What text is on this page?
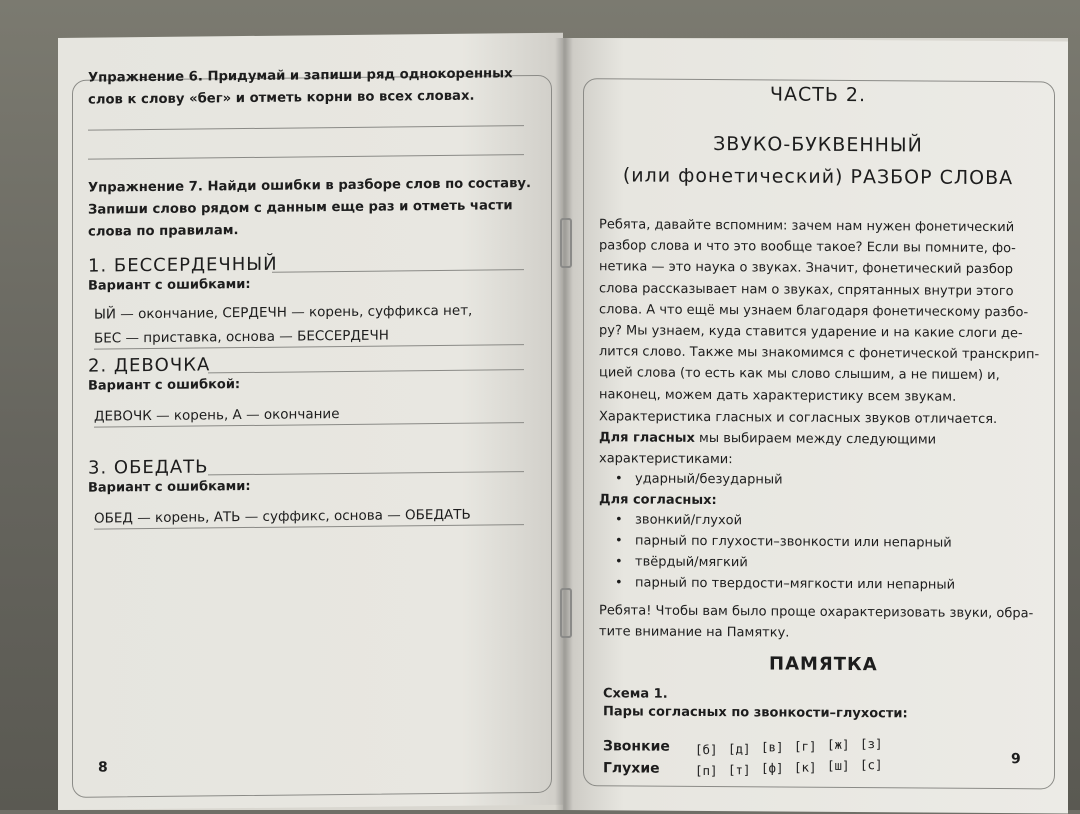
Упражнение 6. Придумай и запиши ряд однокоренных
слов к слову «бег» и отметь корни во всех словах.
Упражнение 7. Найди ошибки в разборе слов по составу.
Запиши слово рядом с данным еще раз и отметь части
слова по правилам.
1. БЕССЕРДЕЧНЫЙ
Вариант с ошибками:
ЫЙ — окончание, СЕРДЕЧН — корень, суффикса нет,
БЕС — приставка, основа — БЕССЕРДЕЧН
2. ДЕВОЧКА
Вариант с ошибкой:
ДЕВОЧК — корень, А — окончание
3. ОБЕДАТЬ
Вариант с ошибками:
ОБЕД — корень, АТЬ — суффикс, основа — ОБЕДАТЬ
8
ЧАСТЬ 2.
ЗВУКО-БУКВЕННЫЙ
(или фонетический) РАЗБОР СЛОВА
Ребята, давайте вспомним: зачем нам нужен фонетический
разбор слова и что это вообще такое? Если вы помните, фо-
нетика — это наука о звуках. Значит, фонетический разбор
слова рассказывает нам о звуках, спрятанных внутри этого
слова. А что ещё мы узнаем благодаря фонетическому разбо-
ру? Мы узнаем, куда ставится ударение и на какие слоги де-
лится слово. Также мы знакомимся с фонетической транскрип-
цией слова (то есть как мы слово слышим, а не пишем) и,
наконец, можем дать характеристику всем звукам.
Характеристика гласных и согласных звуков отличается.
Для гласных мы выбираем между следующими
характеристиками:
• ударный/безударный
Для согласных:
• звонкий/глухой
• парный по глухости–звонкости или непарный
• твёрдый/мягкий
• парный по твердости–мягкости или непарный
Ребята! Чтобы вам было проще охарактеризовать звуки, обра-
тите внимание на Памятку.
ПАМЯТКА
Схема 1.
Пары согласных по звонкости–глухости:
Звонкие
Глухие
[б] [д] [в] [г] [ж] [з]
[п] [т] [ф] [к] [ш] [с]	9
